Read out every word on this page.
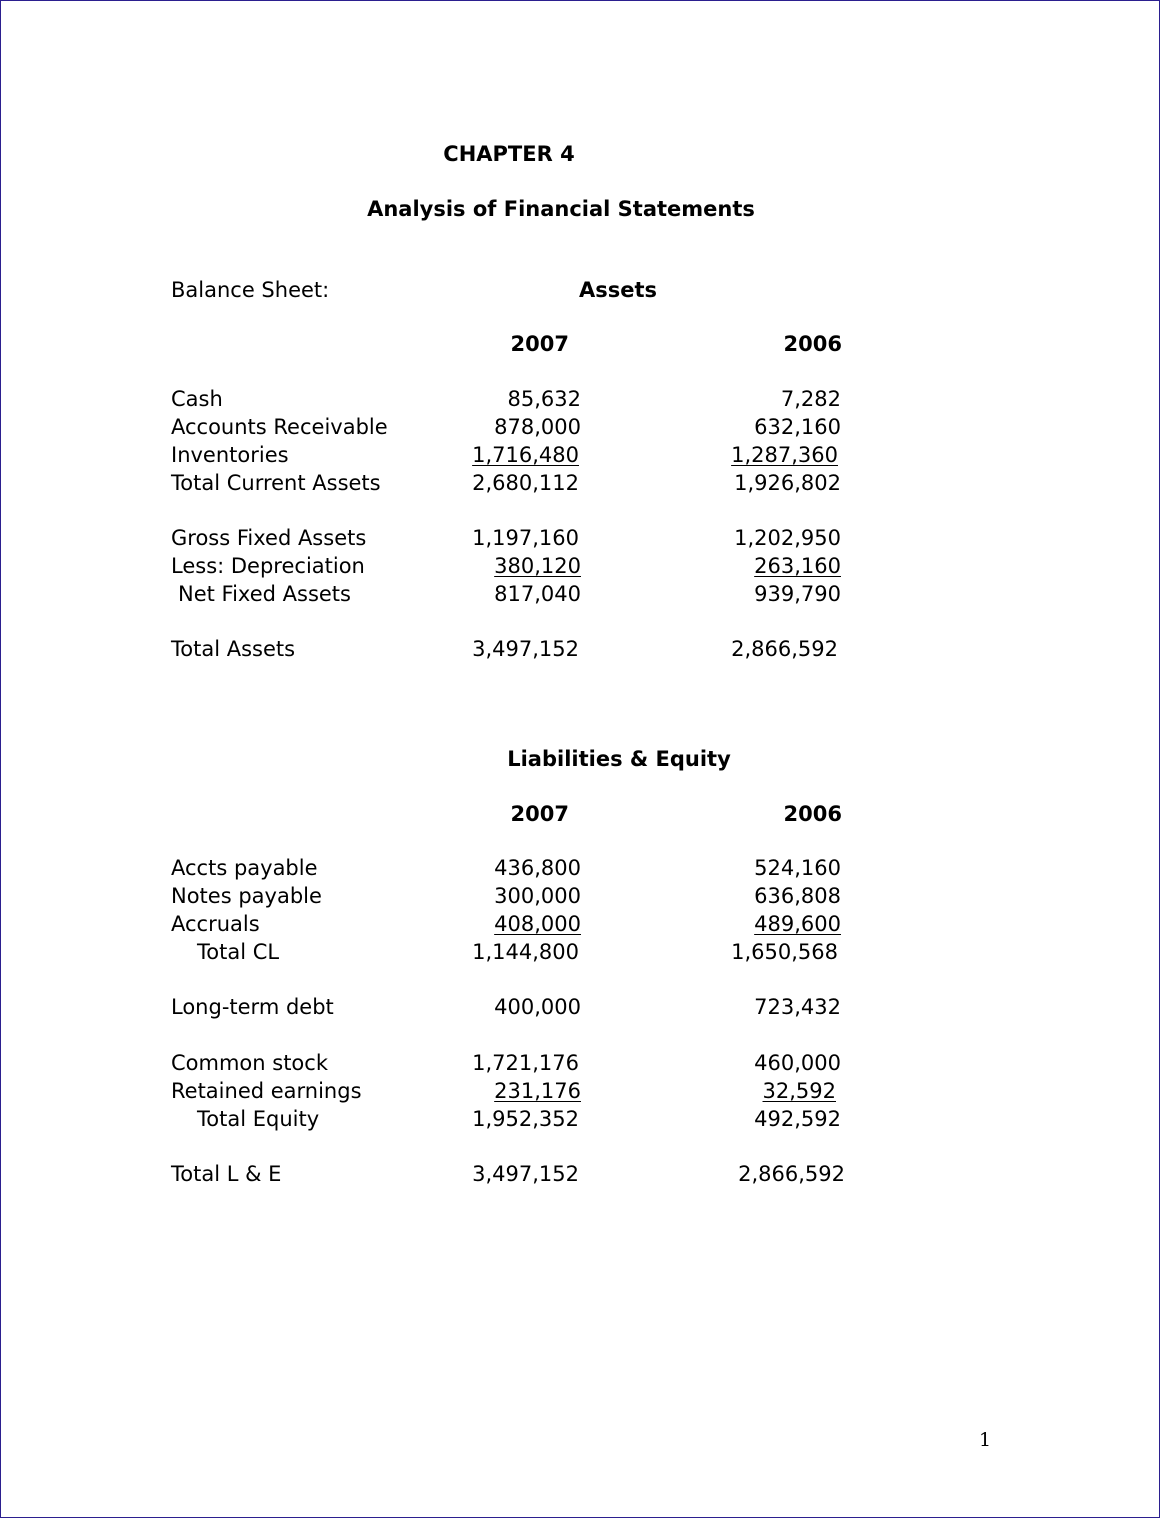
CHAPTER 4
Analysis of Financial Statements
Balance Sheet:	Assets
2007	2006
Cash	85,632	7,282
Accounts Receivable	878,000	632,160
Inventories	1,716,480	1,287,360
Total Current Assets	2,680,112	1,926,802
Gross Fixed Assets	1,197,160	1,202,950
Less: Depreciation	380,120	263,160
Net Fixed Assets	817,040	939,790
Total Assets	3,497,152	2,866,592
Liabilities & Equity
2007	2006
Accts payable	436,800	524,160
Notes payable	300,000	636,808
Accruals	408,000	489,600
Total CL	1,144,800	1,650,568
Long-term debt	400,000	723,432
Common stock	1,721,176	460,000
Retained earnings	231,176	32,592
Total Equity	1,952,352	492,592
Total L & E	3,497,152	2,866,592
1
